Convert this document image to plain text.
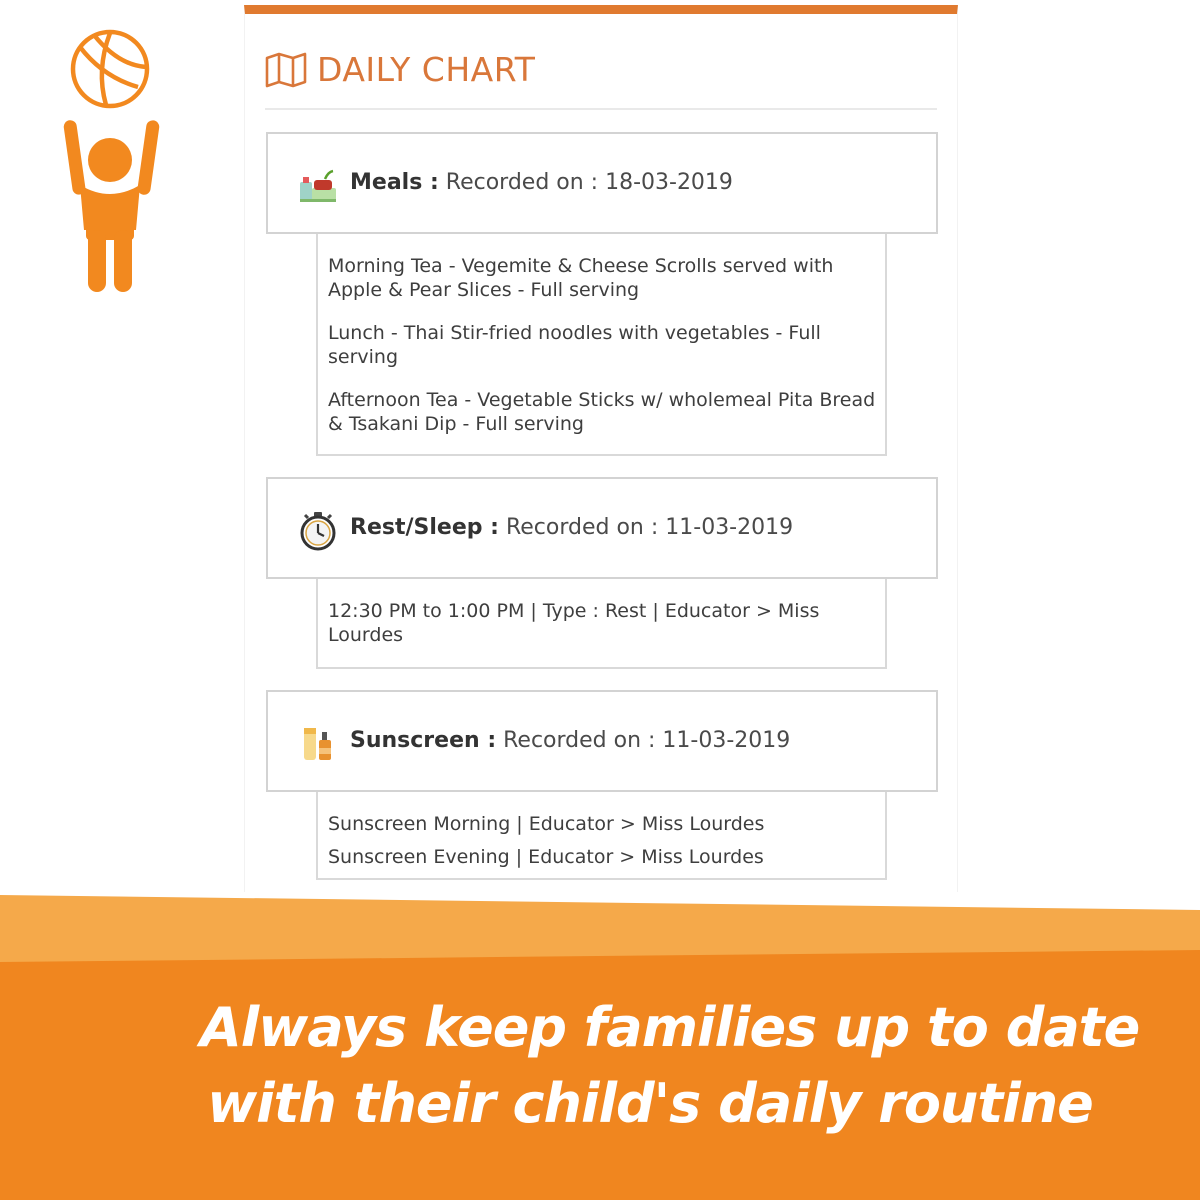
DAILY CHART
Meals : Recorded on : 18-03-2019

Morning Tea - Vegemite & Cheese Scrolls served with Apple & Pear Slices - Full serving

Lunch - Thai Stir-fried noodles with vegetables - Full serving

Afternoon Tea - Vegetable Sticks w/ wholemeal Pita Bread & Tsakani Dip - Full serving

Rest/Sleep : Recorded on : 11-03-2019

12:30 PM to 1:00 PM | Type : Rest | Educator > Miss Lourdes

Sunscreen : Recorded on : 11-03-2019

Sunscreen Morning | Educator > Miss Lourdes

Sunscreen Evening | Educator > Miss Lourdes

Always keep families up to date
with their child's daily routine
